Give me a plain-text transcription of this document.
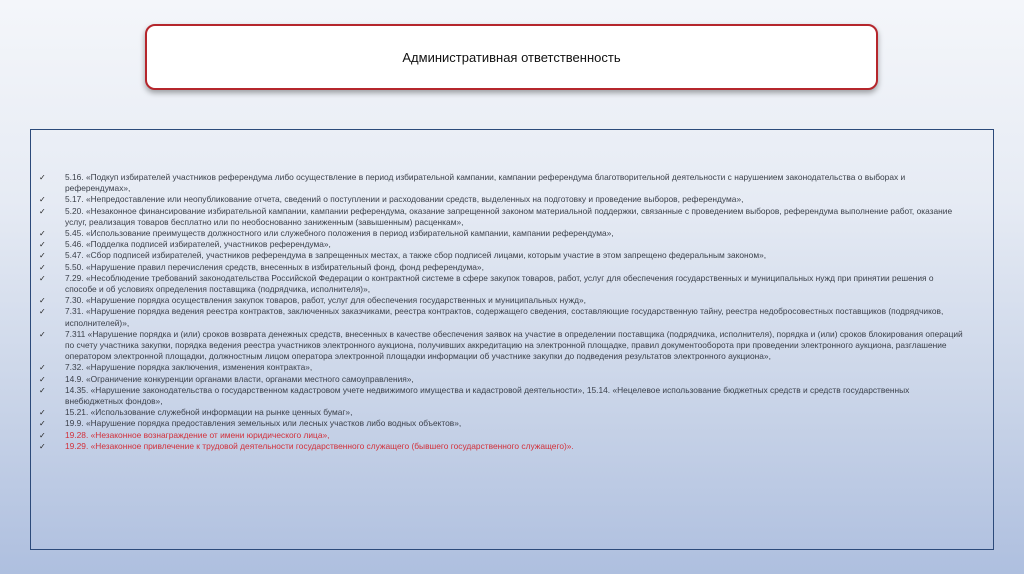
Административная ответственность
✓ 5.16. «Подкуп избирателей участников референдума либо осуществление в период избирательной кампании, кампании референдума благотворительной деятельности с нарушением законодательства о выборах и референдумах»,
✓ 5.17. «Непредоставление или неопубликование отчета, сведений о поступлении и расходовании средств, выделенных на подготовку и проведение выборов, референдума»,
✓ 5.20. «Незаконное финансирование избирательной кампании, кампании референдума, оказание запрещенной законом материальной поддержки, связанные с проведением выборов, референдума выполнение работ, оказание услуг, реализация товаров бесплатно или по необоснованно заниженным (завышенным) расценкам»,
✓ 5.45. «Использование преимуществ должностного или служебного положения в период избирательной кампании, кампании референдума»,
✓ 5.46. «Подделка подписей избирателей, участников референдума»,
✓ 5.47. «Сбор подписей избирателей, участников референдума в запрещенных местах, а также сбор подписей лицами, которым участие в этом запрещено федеральным законом»,
✓ 5.50. «Нарушение правил перечисления средств, внесенных в избирательный фонд, фонд референдума»,
✓ 7.29. «Несоблюдение требований законодательства Российской Федерации о контрактной системе в сфере закупок товаров, работ, услуг для обеспечения государственных и муниципальных нужд при принятии решения о способе и об условиях определения поставщика (подрядчика, исполнителя)»,
✓ 7.30. «Нарушение порядка осуществления закупок товаров, работ, услуг для обеспечения государственных и муниципальных нужд»,
✓ 7.31. «Нарушение порядка ведения реестра контрактов, заключенных заказчиками, реестра контрактов, содержащего сведения, составляющие государственную тайну, реестра недобросовестных поставщиков (подрядчиков, исполнителей)»,
✓ 7.311 «Нарушение порядка и (или) сроков возврата денежных средств, внесенных в качестве обеспечения заявок на участие в определении поставщика (подрядчика, исполнителя), порядка и (или) сроков блокирования операций по счету участника закупки, порядка ведения реестра участников электронного аукциона, получивших аккредитацию на электронной площадке, правил документооборота при проведении электронного аукциона, разглашение оператором электронной площадки, должностным лицом оператора электронной площадки информации об участнике закупки до подведения результатов электронного аукциона»,
✓ 7.32. «Нарушение порядка заключения, изменения контракта»,
✓ 14.9. «Ограничение конкуренции органами власти, органами местного самоуправления»,
✓ 14.35. «Нарушение законодательства о государственном кадастровом учете недвижимого имущества и кадастровой деятельности», 15.14. «Нецелевое использование бюджетных средств и средств государственных внебюджетных фондов»,
✓ 15.21. «Использование служебной информации на рынке ценных бумаг»,
✓ 19.9. «Нарушение порядка предоставления земельных или лесных участков либо водных объектов»,
✓ 19.28. «Незаконное вознаграждение от имени юридического лица»,
✓ 19.29. «Незаконное привлечение к трудовой деятельности государственного служащего (бывшего государственного служащего)».
